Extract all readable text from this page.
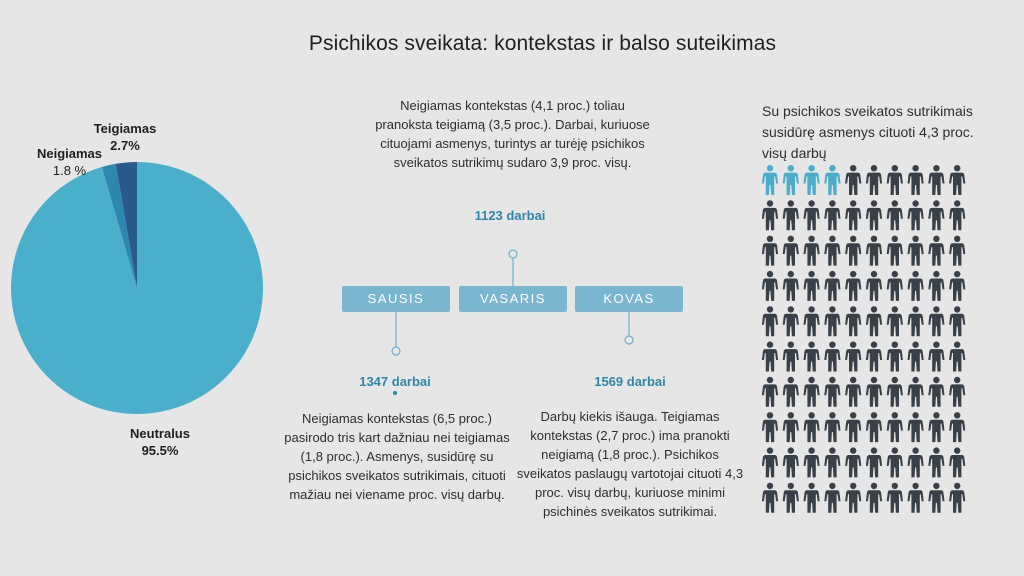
Psichikos sveikata: kontekstas ir balso suteikimas
Teigiamas
2.7%
Neigiamas
1.8 %
Neutralus
95.5%
Neigiamas kontekstas (4,1 proc.) toliau pranoksta teigiamą (3,5 proc.). Darbai, kuriuose cituojami asmenys, turintys ar turėję psichikos sveikatos sutrikimų sudaro 3,9 proc. visų.
1123 darbai
SAUSIS	VASARIS	KOVAS
1347 darbai
Neigiamas kontekstas (6,5 proc.) pasirodo tris kart dažniau nei teigiamas (1,8 proc.). Asmenys, susidūrę su psichikos sveikatos sutrikimais, cituoti mažiau nei viename proc. visų darbų.
1569 darbai
Darbų kiekis išauga. Teigiamas kontekstas (2,7 proc.) ima pranokti neigiamą (1,8 proc.). Psichikos sveikatos paslaugų vartotojai cituoti 4,3 proc. visų darbų, kuriuose minimi psichinės sveikatos sutrikimai.
Su psichikos sveikatos sutrikimais susidūrę asmenys cituoti 4,3 proc. visų darbų
